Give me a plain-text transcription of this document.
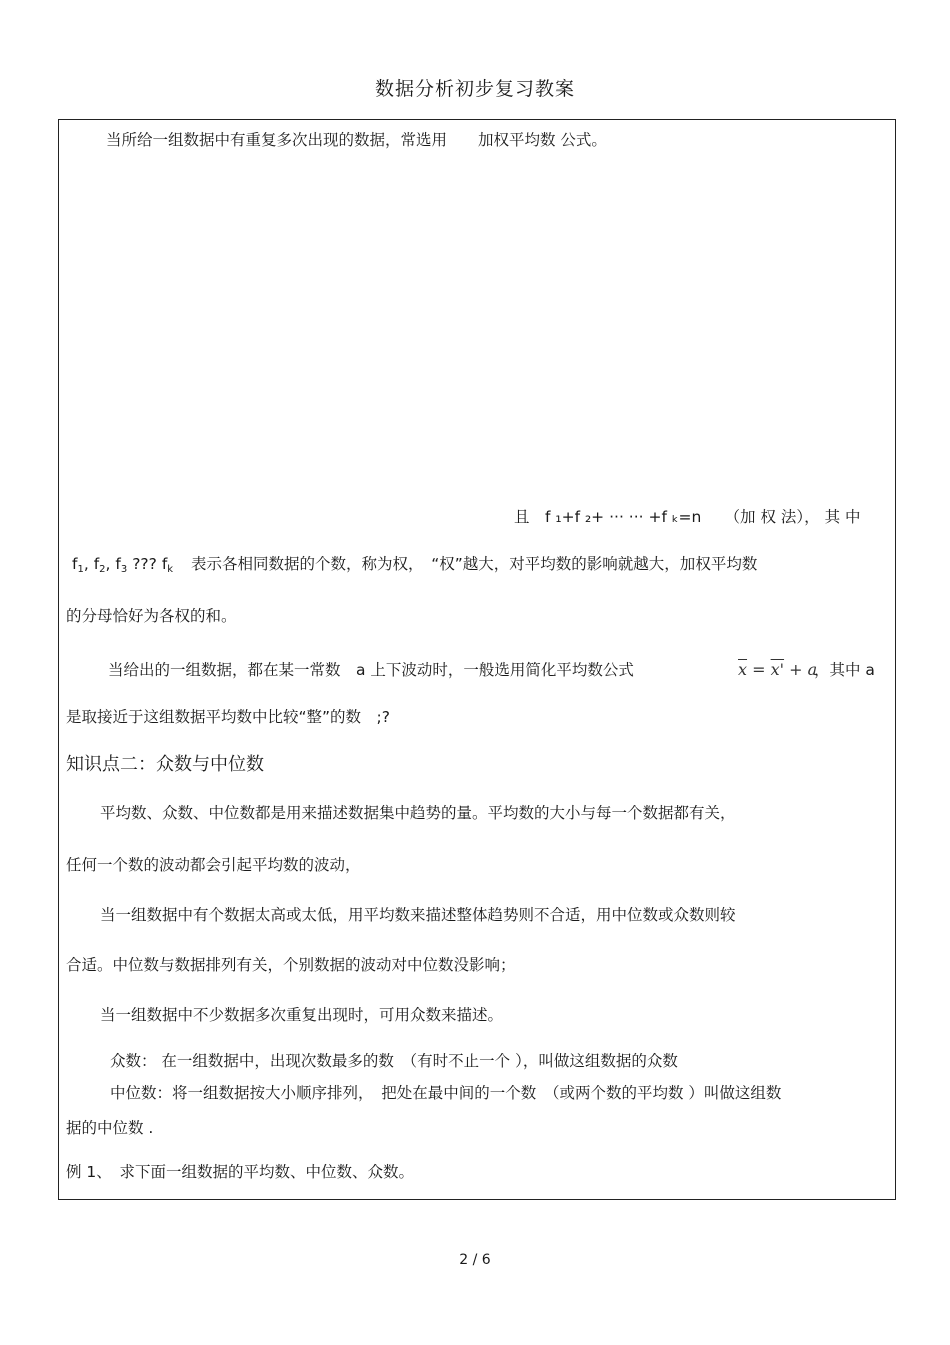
数据分析初步复习教案
当所给一组数据中有重复多次出现的数据，常选用　　加权平均数 公式。
且　f ₁+f ₂+ ··· ··· +f ₖ=n　　（加 权 法）， 其 中
$f_1$, $f_2$, $f_3$ ??? $f_k$ 表示各相同数据的个数，称为权，　“权”越大，对平均数的影响就越大，加权平均数
的分母恰好为各权的和。
当给出的一组数据，都在某一常数　a 上下波动时，一般选用简化平均数公式	$\overline{x} = x' + a$
，其中 a
是取接近于这组数据平均数中比较“整”的数　;?
知识点二：众数与中位数
平均数、众数、中位数都是用来描述数据集中趋势的量。平均数的大小与每一个数据都有关，
任何一个数的波动都会引起平均数的波动，
当一组数据中有个数据太高或太低，用平均数来描述整体趋势则不合适，用中位数或众数则较
合适。中位数与数据排列有关，个别数据的波动对中位数没影响；
当一组数据中不少数据多次重复出现时，可用众数来描述。
众数： 在一组数据中，出现次数最多的数　（有时不止一个 ），叫做这组数据的众数
中位数：将一组数据按大小顺序排列，　把处在最中间的一个数　（或两个数的平均数 ）叫做这组数
据的中位数 .
例 1、　求下面一组数据的平均数、中位数、众数。
2 / 6
